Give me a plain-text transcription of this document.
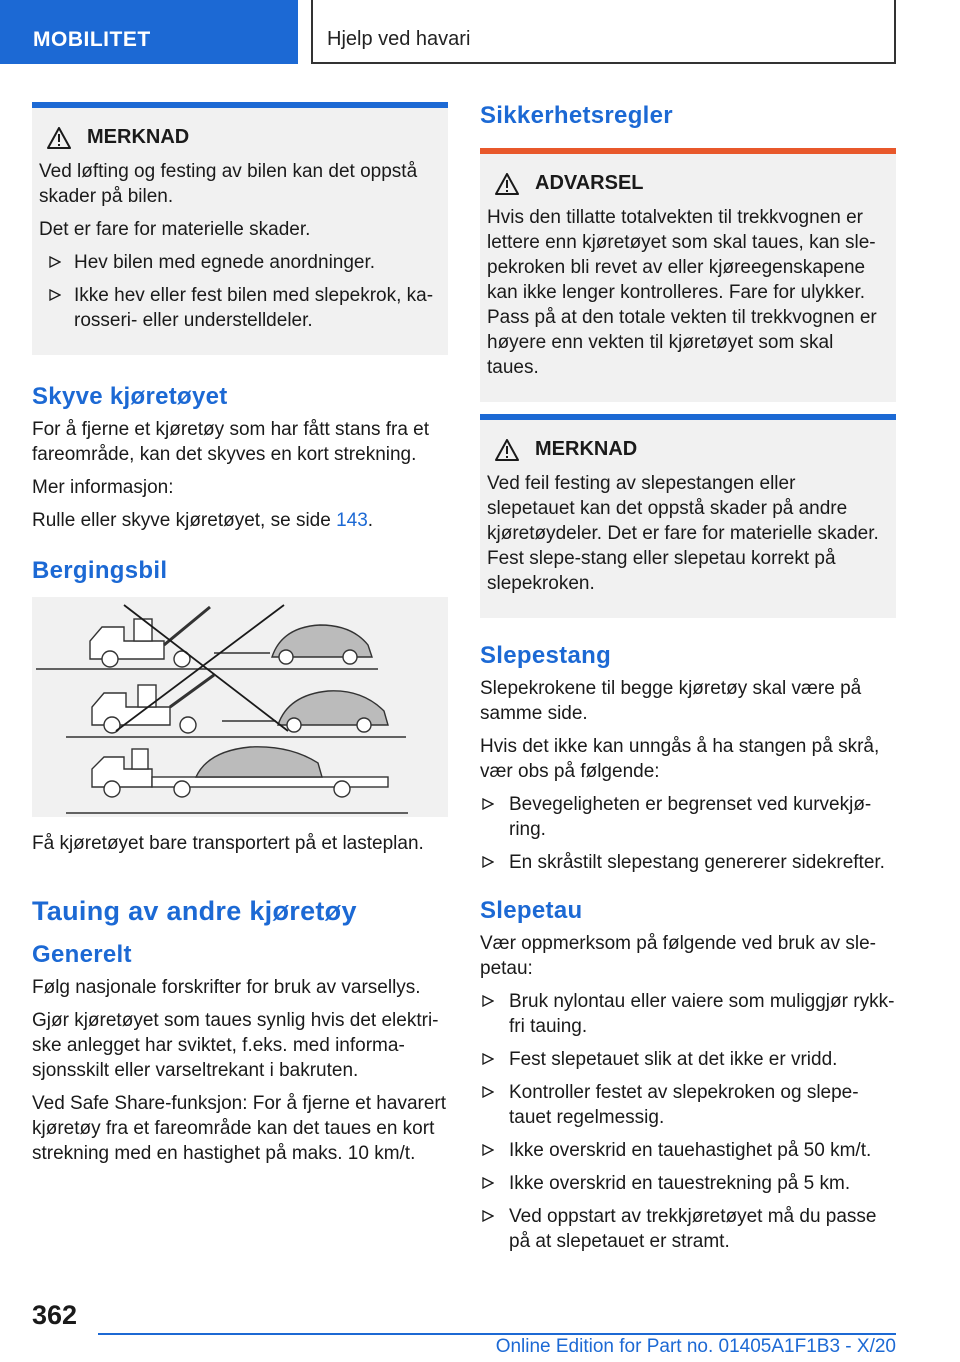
MOBILITET	Hjelp ved havari
MERKNAD

Ved løfting og festing av bilen kan det oppstå skader på bilen.

Det er fare for materielle skader.

Hev bilen med egnede anordninger.
Ikke hev eller fest bilen med slepekrok, ka-rosseri- eller understelldeler.
Skyve kjøretøyet

For å fjerne et kjøretøy som har fått stans fra et fareområde, kan det skyves en kort strekning.

Mer informasjon:

Rulle eller skyve kjøretøyet, se side 143.

Bergingsbil

Få kjøretøyet bare transportert på et lasteplan.

Tauing av andre kjøretøy
Generelt

Følg nasjonale forskrifter for bruk av varsellys.

Gjør kjøretøyet som taues synlig hvis det elektri-ske anlegget har sviktet, f.eks. med informa-sjonsskilt eller varseltrekant i bakruten.

Ved Safe Share-funksjon: For å fjerne et havarert kjøretøy fra et fareområde kan det taues en kort strekning med en hastighet på maks. 10 km/t.

Sikkerhetsregler
ADVARSEL

Hvis den tillatte totalvekten til trekkvognen er lettere enn kjøretøyet som skal taues, kan sle-pekroken bli revet av eller kjøreegenskapene kan ikke lenger kontrolleres. Fare for ulykker. Pass på at den totale vekten til trekkvognen er høyere enn vekten til kjøretøyet som skal taues.

MERKNAD

Ved feil festing av slepestangen eller slepetauet kan det oppstå skader på andre kjøretøydeler. Det er fare for materielle skader. Fest slepe-stang eller slepetau korrekt på slepekroken.

Slepestang

Slepekrokene til begge kjøretøy skal være på samme side.

Hvis det ikke kan unngås å ha stangen på skrå, vær obs på følgende:

Bevegeligheten er begrenset ved kurvekjø-ring.
En skråstilt slepestang genererer sidekrefter.
Slepetau

Vær oppmerksom på følgende ved bruk av sle-petau:

Bruk nylontau eller vaiere som muliggjør rykk-fri tauing.
Fest slepetauet slik at det ikke er vridd.
Kontroller festet av slepekroken og slepe-tauet regelmessig.
Ikke overskrid en tauehastighet på 50 km/t.
Ikke overskrid en tauestrekning på 5 km.
Ved oppstart av trekkjøretøyet må du passe på at slepetauet er stramt.
362
Online Edition for Part no. 01405A1F1B3 - X/20
